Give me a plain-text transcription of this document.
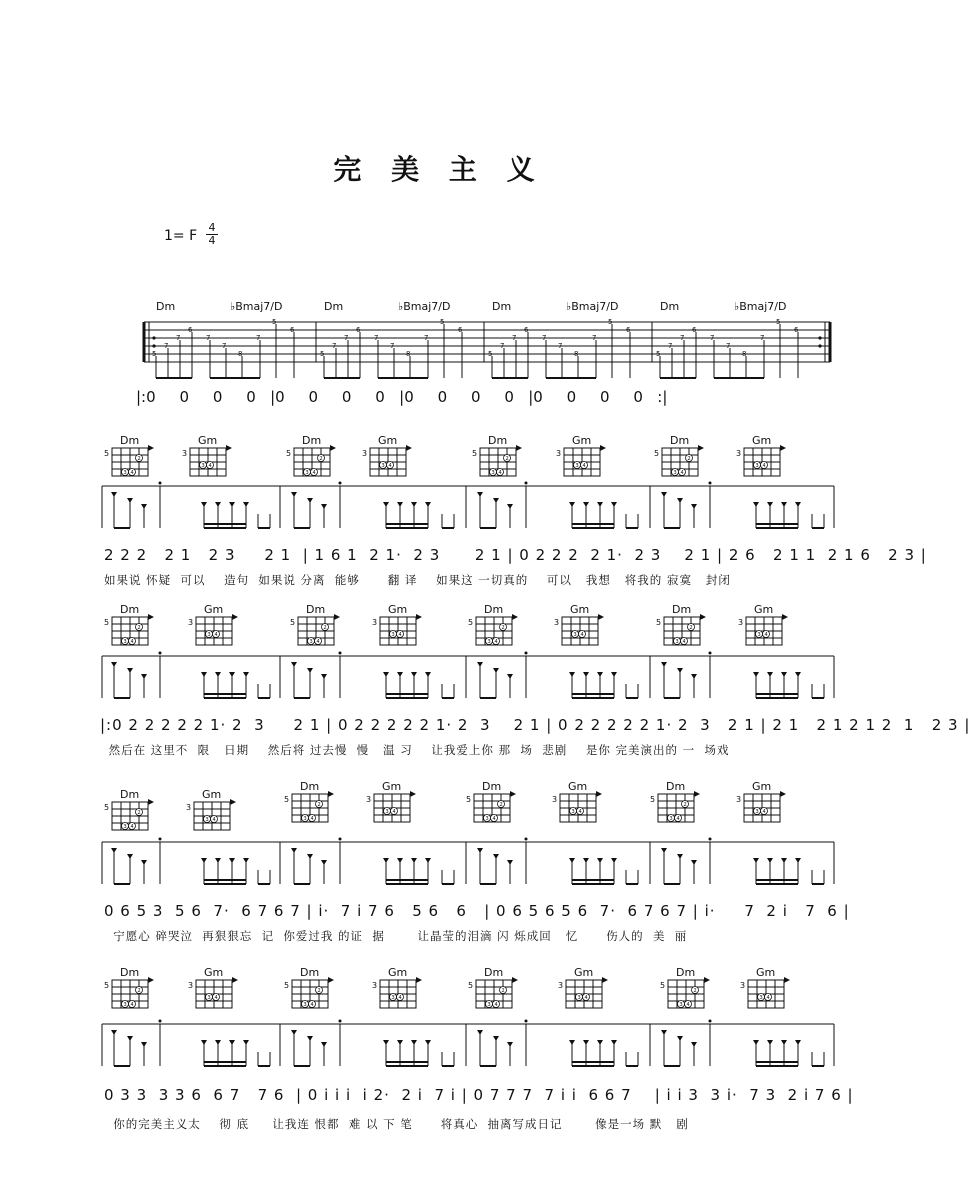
完 美 主 义
1= F
4
4
Dm	♭Bmaj7/D	Dm	♭Bmaj7/D	Dm	♭Bmaj7/D	Dm	♭Bmaj7/D
5
7
7
6
7
7
8
7
5
6
5
7
7
6
7
7
8
7
5
6
5
7
7
6
7
7
8
7
5
6
5
7
7
6
7
7
8
7
5
6
|:0     0     0     0   |0     0     0     0   |0     0     0     0   |0     0     0     0   :|
Dm
5
Gm
3
Dm
5
Gm
3
Dm
5
Gm
3
Dm
5
Gm
3
2 2 2   2 1   2 3     2 1  | 1 6 1  2 1·  2 3      2 1 | 0 2 2 2  2 1·  2 3    2 1 | 2 6   2 1 1  2 1 6   2 3 |
如果说 怀疑  可以    造句  如果说 分离  能够      翻 译    如果这 一切真的    可以   我想   将我的 寂寞   封闭
Dm
5
Gm
3
Dm
5
Gm
3
Dm
5
Gm
3
Dm
5
Gm
3
|:0 2 2 2 2 2 1· 2  3     2 1 | 0 2 2 2 2 2 1· 2  3    2 1 | 0 2 2 2 2 2 1· 2  3   2 1 | 2 1   2 1 2 1 2  1   2 3 |
然后在 这里不  限   日期    然后将 过去慢  慢   温 习    让我爱上你 那  场  悲剧    是你 完美演出的 一  场戏
Dm
5
Gm
3
Dm
5
Gm
3
Dm
5
Gm
3
Dm
5
Gm
3
0 6 5 3  5 6  7·  6 7 6 7 | i·  7 i 7 6   5 6   6   | 0 6 5 6 5 6  7·  6 7 6 7 | i·     7  2 i   7  6 |
宁愿心 碎哭泣  再狠狠忘  记  你爱过我 的证  据       让晶莹的泪滴 闪 烁成回   忆      伤人的  美  丽
Dm
5
Gm
3
Dm
5
Gm
3
Dm
5
Gm
3
Dm
5
Gm
3
0 3 3  3 3 6  6 7   7 6  | 0 i i i  i 2·  2 i  7 i | 0 7 7 7  7 i i  6 6 7    | i i 3  3 i·  7 3  2 i 7 6 |
你的完美主义太    彻 底     让我连 恨都  难 以 下 笔      将真心  抽离写成日记       像是一场 默   剧
